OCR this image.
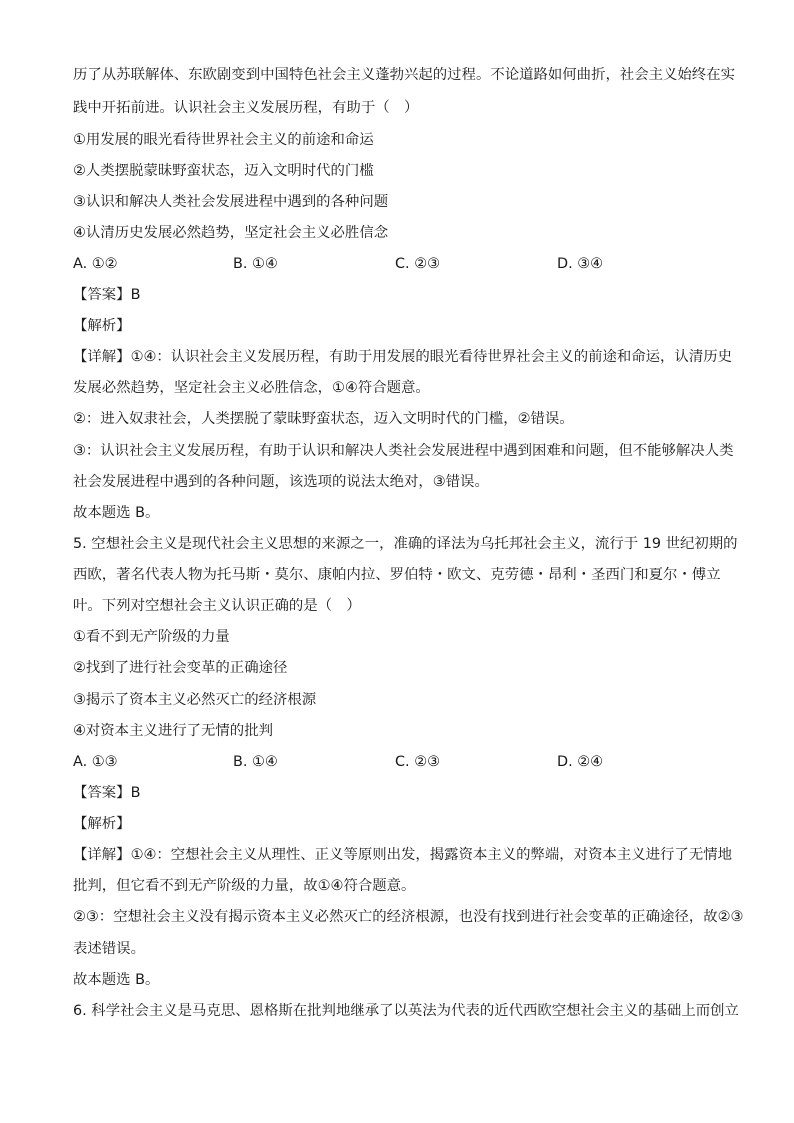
历了从苏联解体、东欧剧变到中国特色社会主义蓬勃兴起的过程。不论道路如何曲折，社会主义始终在实
践中开拓前进。认识社会主义发展历程，有助于（　）
①用发展的眼光看待世界社会主义的前途和命运
②人类摆脱蒙昧野蛮状态，迈入文明时代的门槛
③认识和解决人类社会发展进程中遇到的各种问题
④认清历史发展必然趋势，坚定社会主义必胜信念
A. ①②	B. ①④	C. ②③	D. ③④
【答案】B
【解析】
【详解】①④：认识社会主义发展历程，有助于用发展的眼光看待世界社会主义的前途和命运，认清历史
发展必然趋势，坚定社会主义必胜信念，①④符合题意。
②：进入奴隶社会，人类摆脱了蒙昧野蛮状态，迈入文明时代的门槛，②错误。
③：认识社会主义发展历程，有助于认识和解决人类社会发展进程中遇到困难和问题，但不能够解决人类
社会发展进程中遇到的各种问题，该选项的说法太绝对，③错误。
故本题选 B。
5. 空想社会主义是现代社会主义思想的来源之一，准确的译法为乌托邦社会主义，流行于 19 世纪初期的
西欧，著名代表人物为托马斯・莫尔、康帕内拉、罗伯特・欧文、克劳德・昂利・圣西门和夏尔・傅立
叶。下列对空想社会主义认识正确的是（　）
①看不到无产阶级的力量
②找到了进行社会变革的正确途径
③揭示了资本主义必然灭亡的经济根源
④对资本主义进行了无情的批判
A. ①③	B. ①④	C. ②③	D. ②④
【答案】B
【解析】
【详解】①④：空想社会主义从理性、正义等原则出发，揭露资本主义的弊端，对资本主义进行了无情地
批判，但它看不到无产阶级的力量，故①④符合题意。
②③：空想社会主义没有揭示资本主义必然灭亡的经济根源，也没有找到进行社会变革的正确途径，故②③
表述错误。
故本题选 B。
6. 科学社会主义是马克思、恩格斯在批判地继承了以英法为代表的近代西欧空想社会主义的基础上而创立
